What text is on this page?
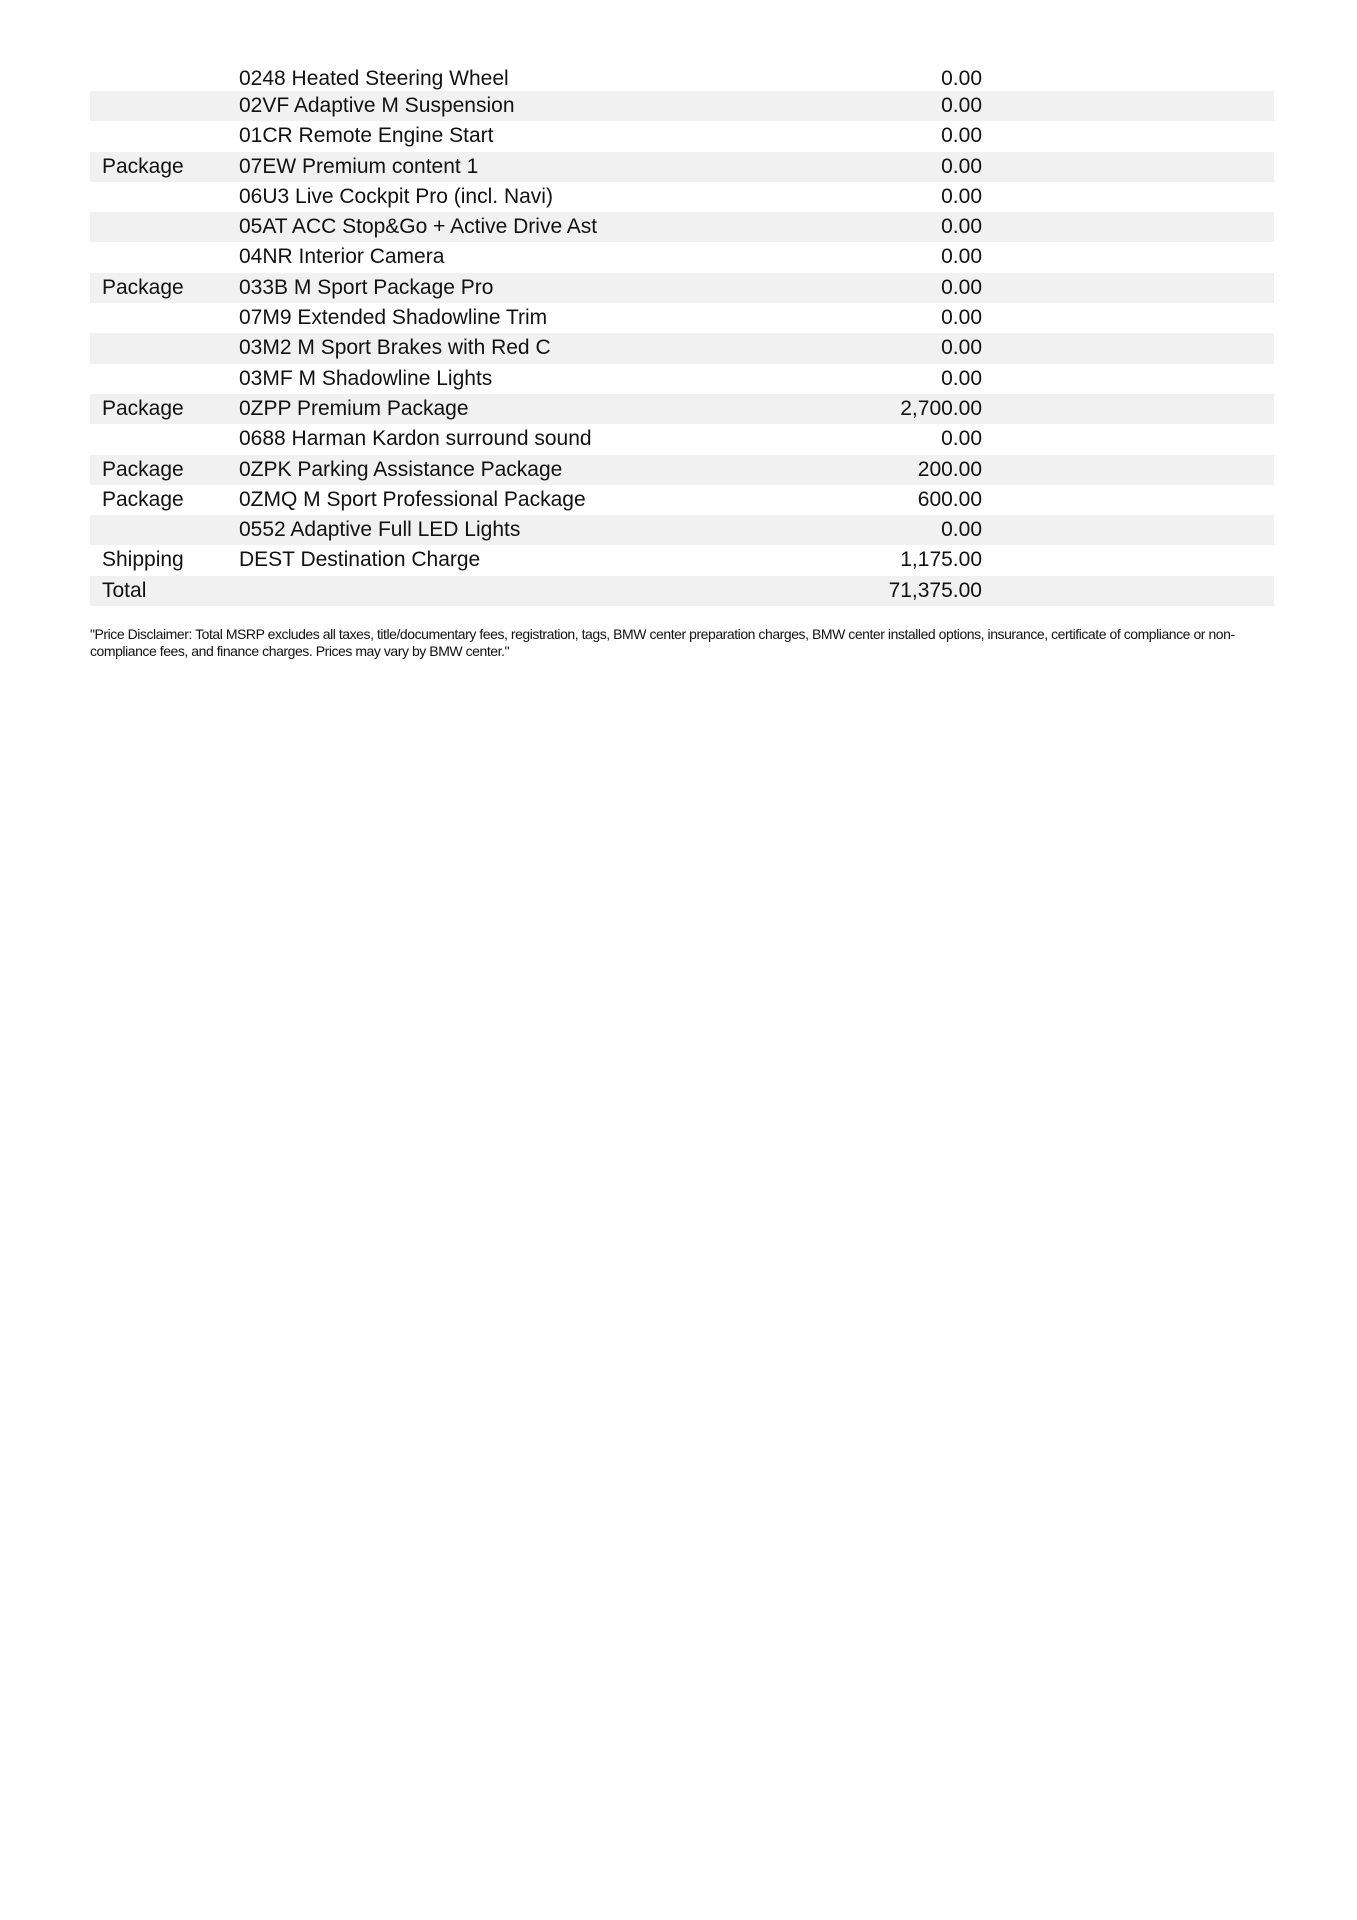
0248 Heated Steering Wheel	0.00
02VF Adaptive M Suspension	0.00
01CR Remote Engine Start	0.00
Package	07EW Premium content 1	0.00
06U3 Live Cockpit Pro (incl. Navi)	0.00
05AT ACC Stop&Go + Active Drive Ast	0.00
04NR Interior Camera	0.00
Package	033B M Sport Package Pro	0.00
07M9 Extended Shadowline Trim	0.00
03M2 M Sport Brakes with Red C	0.00
03MF M Shadowline Lights	0.00
Package	0ZPP Premium Package	2,700.00
0688 Harman Kardon surround sound	0.00
Package	0ZPK Parking Assistance Package	200.00
Package	0ZMQ M Sport Professional Package	600.00
0552 Adaptive Full LED Lights	0.00
Shipping	DEST Destination Charge	1,175.00
Total	71,375.00
"Price Disclaimer: Total MSRP excludes all taxes, title/documentary fees, registration, tags, BMW center preparation charges, BMW center installed options, insurance, certificate of compliance or non-compliance fees, and finance charges. Prices may vary by BMW center."
